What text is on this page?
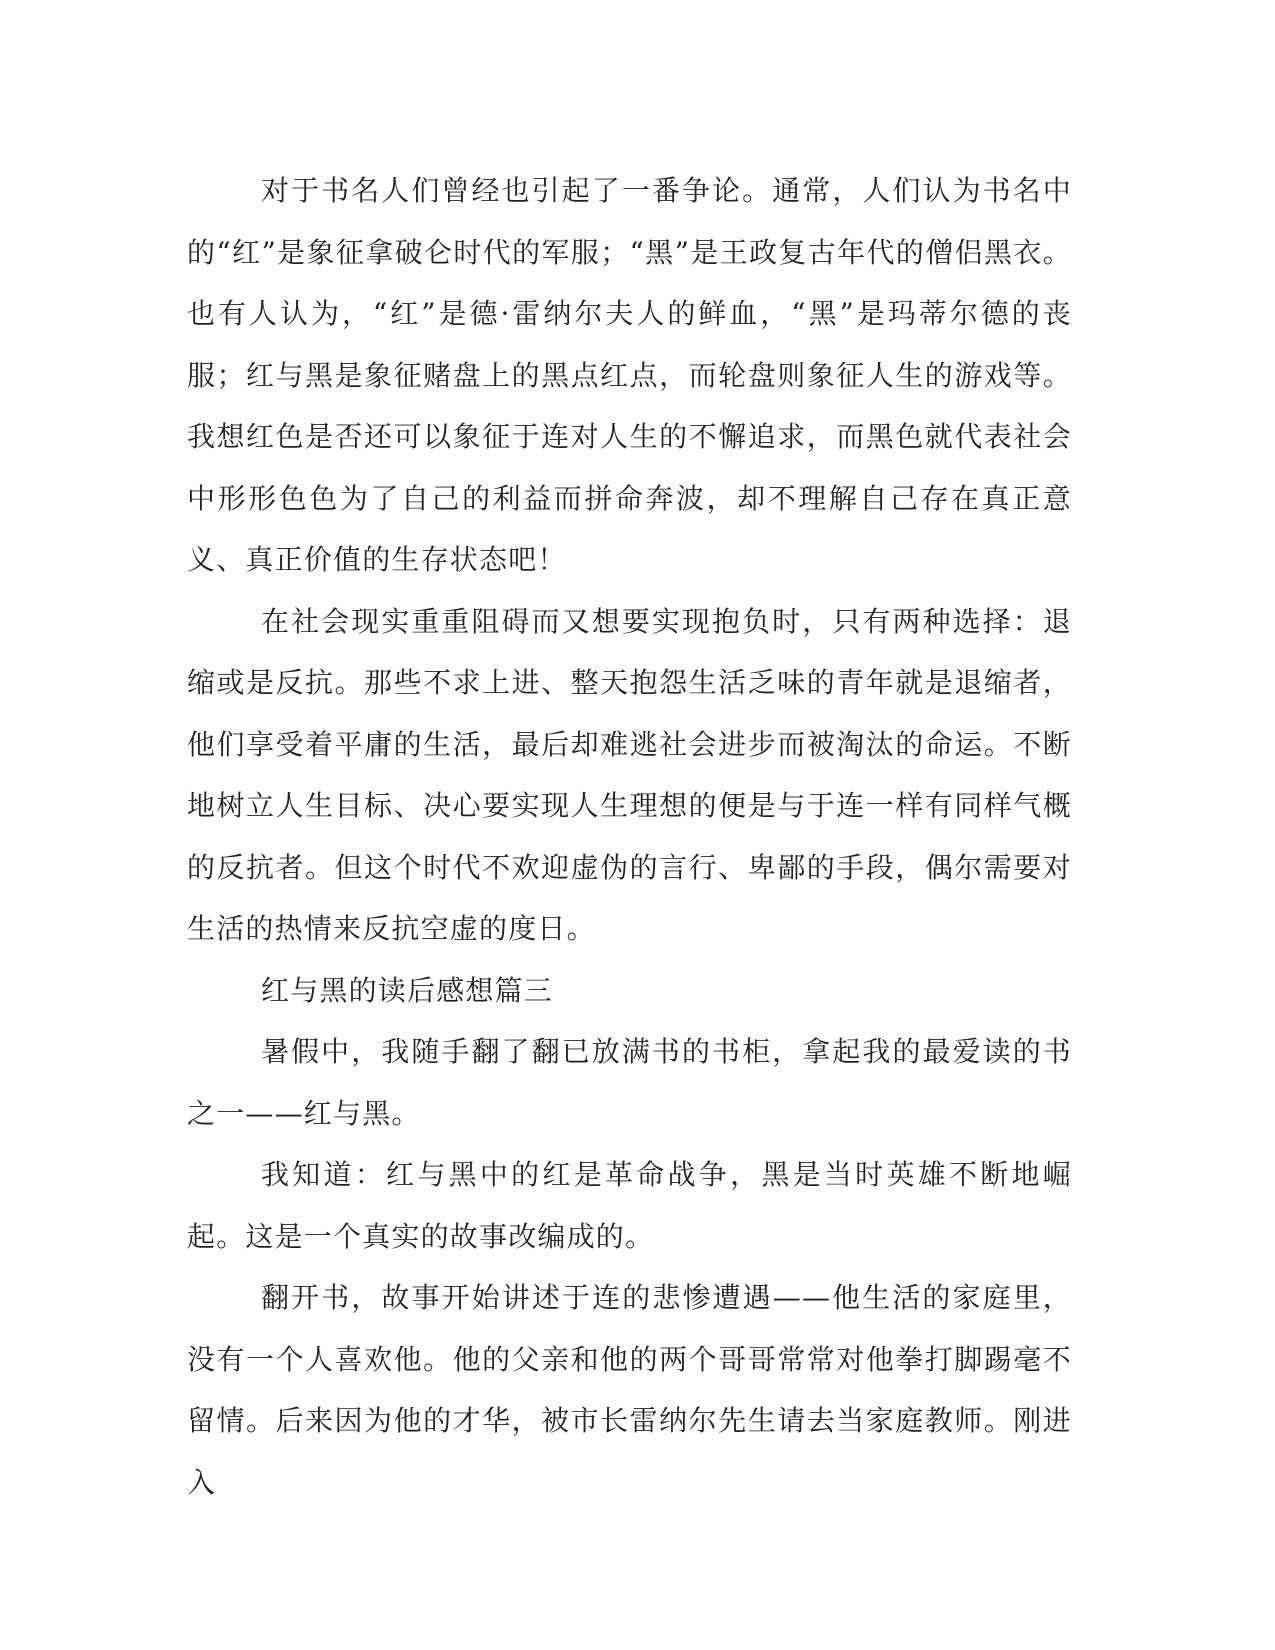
对于书名人们曾经也引起了一番争论。通常，人们认为书名中的“红”是象征拿破仑时代的军服；“黑”是王政复古年代的僧侣黑衣。也有人认为，“红”是德·雷纳尔夫人的鲜血，“黑”是玛蒂尔德的丧服；红与黑是象征赌盘上的黑点红点，而轮盘则象征人生的游戏等。我想红色是否还可以象征于连对人生的不懈追求，而黑色就代表社会中形形色色为了自己的利益而拼命奔波，却不理解自己存在真正意义、真正价值的生存状态吧！

在社会现实重重阻碍而又想要实现抱负时，只有两种选择：退缩或是反抗。那些不求上进、整天抱怨生活乏味的青年就是退缩者，他们享受着平庸的生活，最后却难逃社会进步而被淘汰的命运。不断地树立人生目标、决心要实现人生理想的便是与于连一样有同样气概的反抗者。但这个时代不欢迎虚伪的言行、卑鄙的手段，偶尔需要对生活的热情来反抗空虚的度日。

红与黑的读后感想篇三

暑假中，我随手翻了翻已放满书的书柜，拿起我的最爱读的书之一——红与黑。

我知道：红与黑中的红是革命战争，黑是当时英雄不断地崛起。这是一个真实的故事改编成的。

翻开书，故事开始讲述于连的悲惨遭遇——他生活的家庭里，没有一个人喜欢他。他的父亲和他的两个哥哥常常对他拳打脚踢毫不留情。后来因为他的才华，被市长雷纳尔先生请去当家庭教师。刚进入
